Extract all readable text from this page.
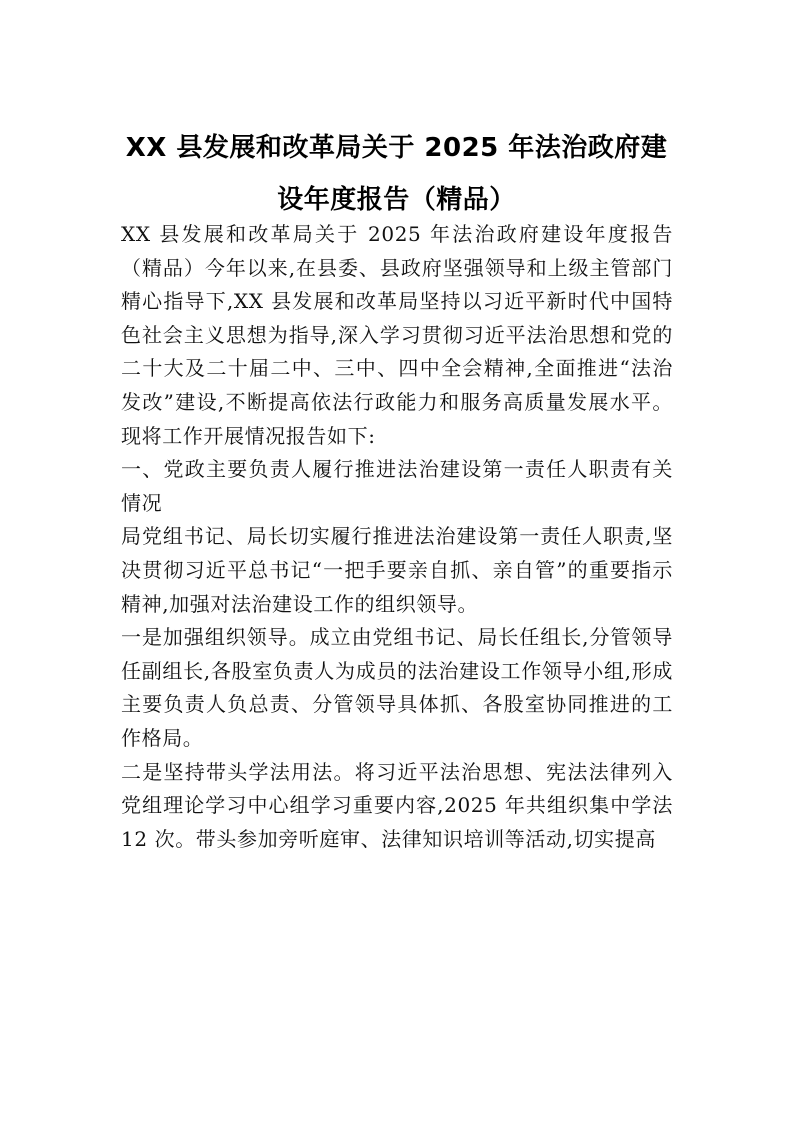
XX 县发展和改革局关于 2025 年法治政府建
设年度报告（精品）

XX 县发展和改革局关于 2025 年法治政府建设年度报告（精品）今年以来,在县委、县政府坚强领导和上级主管部门精心指导下,XX 县发展和改革局坚持以习近平新时代中国特色社会主义思想为指导,深入学习贯彻习近平法治思想和党的二十大及二十届二中、三中、四中全会精神,全面推进“法治发改”建设,不断提高依法行政能力和服务高质量发展水平。现将工作开展情况报告如下:

一、党政主要负责人履行推进法治建设第一责任人职责有关情况

局党组书记、局长切实履行推进法治建设第一责任人职责,坚决贯彻习近平总书记“一把手要亲自抓、亲自管”的重要指示精神,加强对法治建设工作的组织领导。

一是加强组织领导。成立由党组书记、局长任组长,分管领导任副组长,各股室负责人为成员的法治建设工作领导小组,形成主要负责人负总责、分管领导具体抓、各股室协同推进的工作格局。

二是坚持带头学法用法。将习近平法治思想、宪法法律列入党组理论学习中心组学习重要内容,2025 年共组织集中学法 12 次。带头参加旁听庭审、法律知识培训等活动,切实提高
